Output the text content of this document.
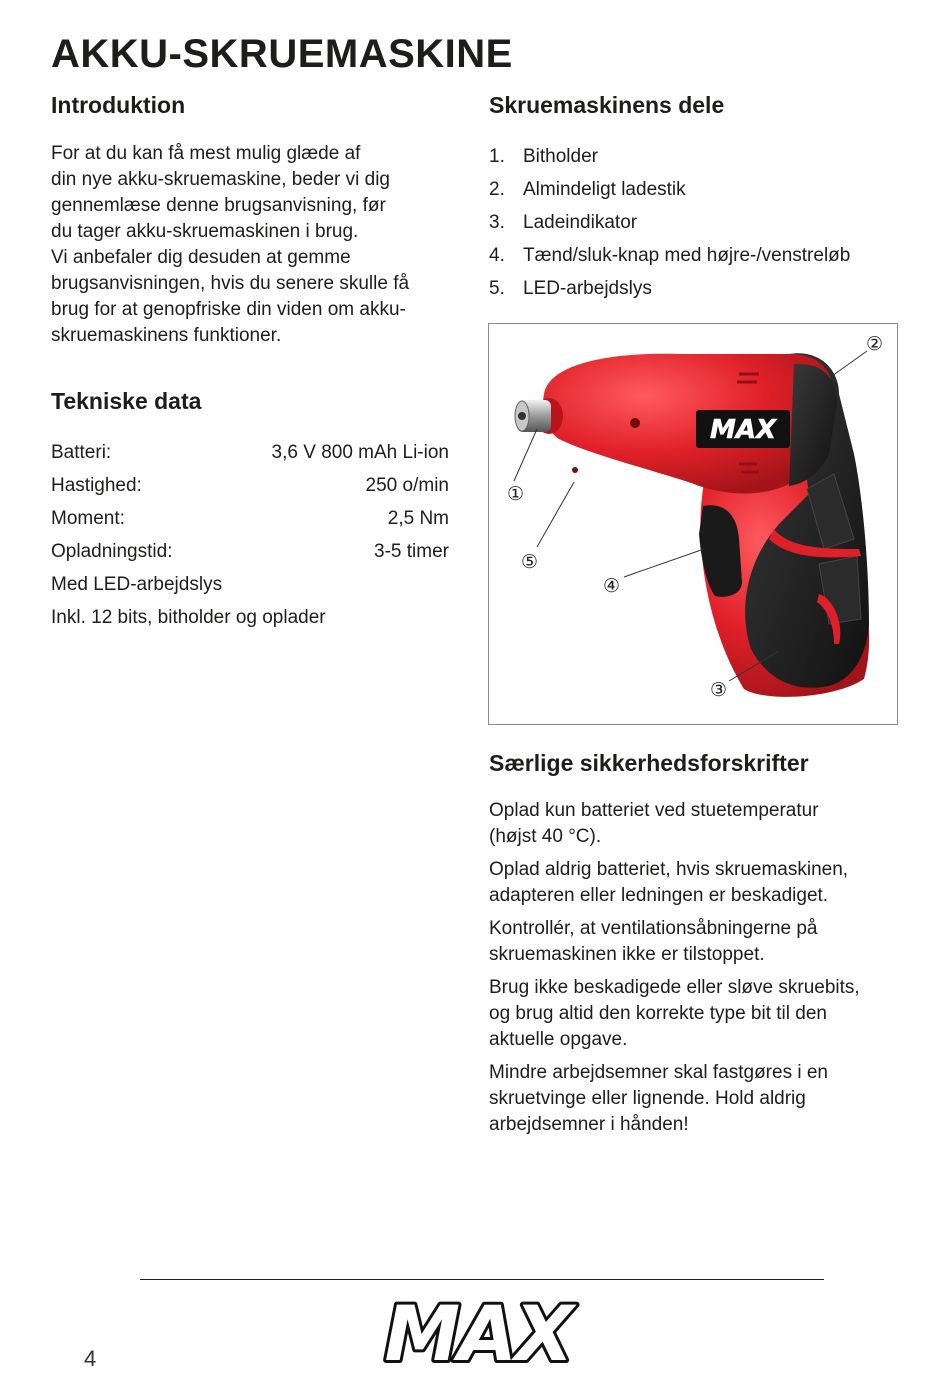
AKKU-SKRUEMASKINE
Introduktion

For at du kan få mest mulig glæde af

din nye akku-skruemaskine, beder vi dig

gennemlæse denne brugsanvisning, før

du tager akku-skruemaskinen i brug.

Vi anbefaler dig desuden at gemme

brugsanvisningen, hvis du senere skulle få

brug for at genopfriske din viden om akku-

skruemaskinens funktioner.

Tekniske data
Batteri:	3,6 V 800 mAh Li-ion
Hastighed:	250 o/min
Moment:	2,5 Nm
Opladningstid:	3-5 timer
Med LED-arbejdslys
Inkl. 12 bits, bitholder og oplader
Skruemaskinens dele
1. Bitholder
2. Almindeligt ladestik
3. Ladeindikator
4. Tænd/sluk-knap med højre-/venstreløb
5. LED-arbejdslys
MAX
①
②
③
④
⑤
Særlige sikkerhedsforskrifter

Oplad kun batteriet ved stuetemperatur
(højst 40 °C).

Oplad aldrig batteriet, hvis skruemaskinen,
adapteren eller ledningen er beskadiget.

Kontrollér, at ventilationsåbningerne på
skruemaskinen ikke er tilstoppet.

Brug ikke beskadigede eller sløve skruebits,
og brug altid den korrekte type bit til den
aktuelle opgave.

Mindre arbejdsemner skal fastgøres i en
skruetvinge eller lignende. Hold aldrig
arbejdsemner i hånden!

4	MAX
